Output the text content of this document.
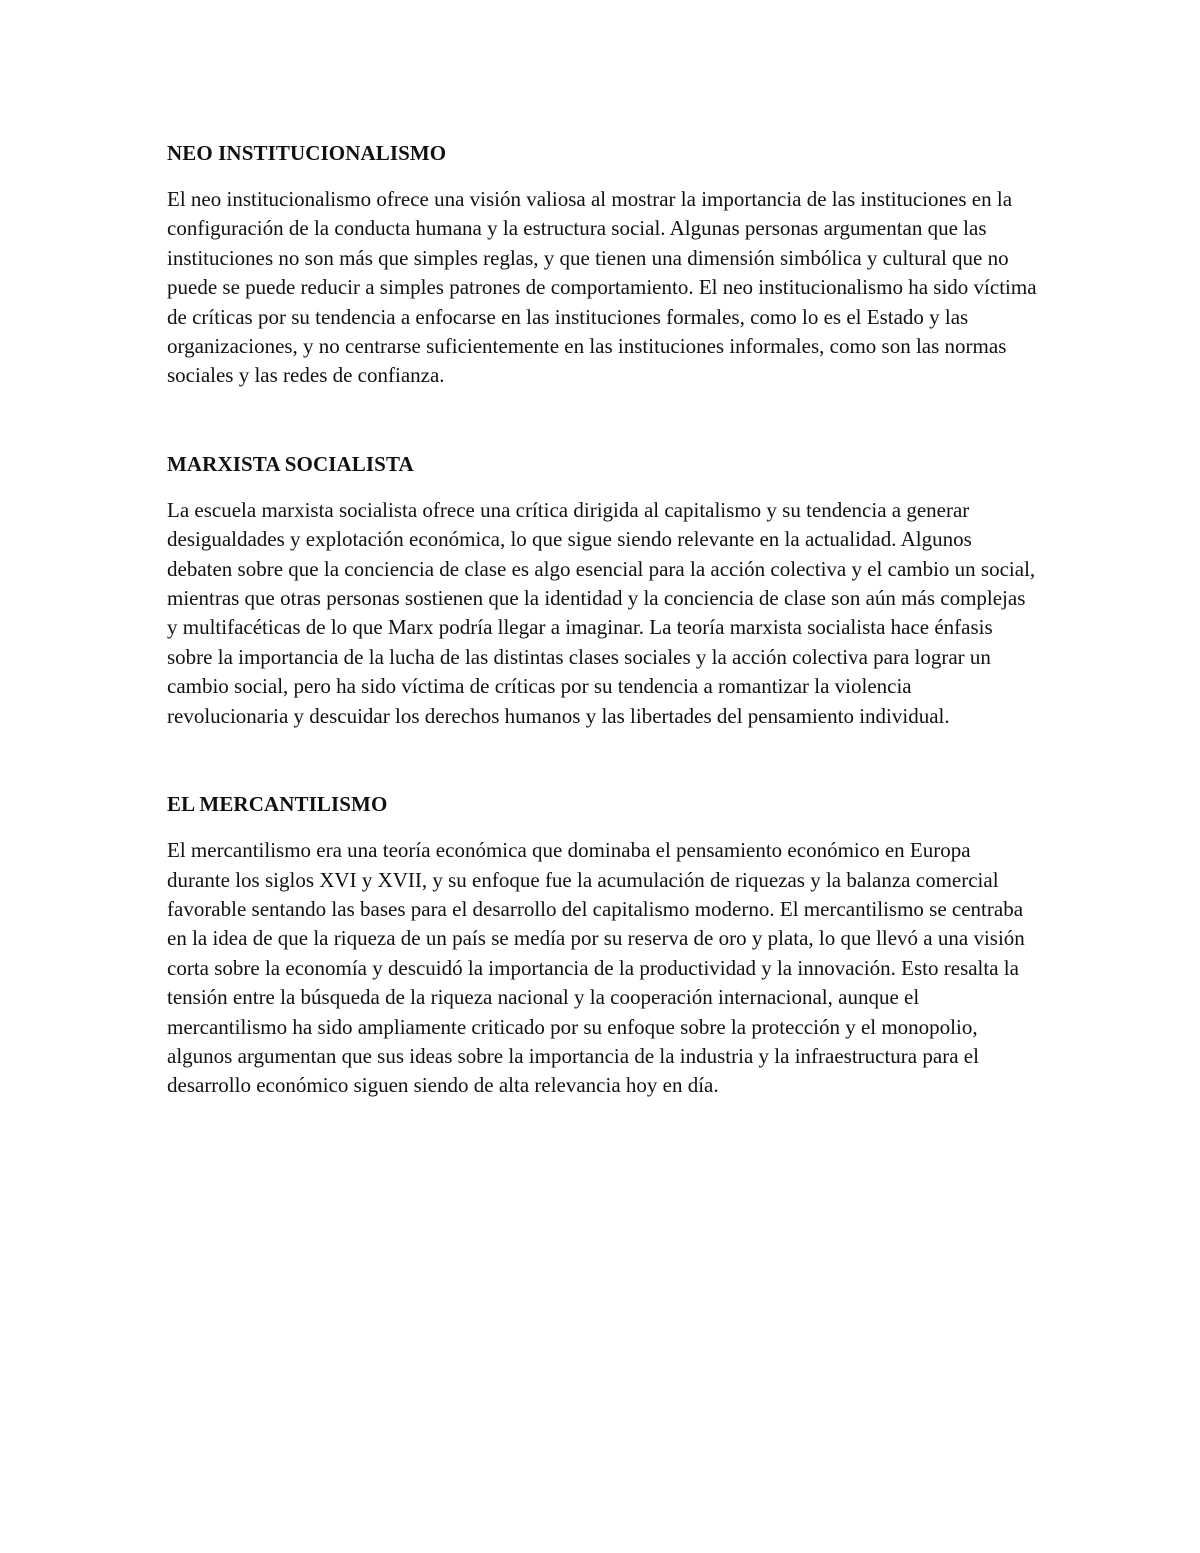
NEO INSTITUCIONALISMO

El neo institucionalismo ofrece una visión valiosa al mostrar la importancia de las instituciones en la configuración de la conducta humana y la estructura social. Algunas personas argumentan que las instituciones no son más que simples reglas, y que tienen una dimensión simbólica y cultural que no puede se puede reducir a simples patrones de comportamiento. El neo institucionalismo ha sido víctima de críticas por su tendencia a enfocarse en las instituciones formales, como lo es el Estado y las organizaciones, y no centrarse suficientemente en las instituciones informales, como son las normas sociales y las redes de confianza.

MARXISTA SOCIALISTA

La escuela marxista socialista ofrece una crítica dirigida al capitalismo y su tendencia a generar desigualdades y explotación económica, lo que sigue siendo relevante en la actualidad. Algunos debaten sobre que la conciencia de clase es algo esencial para la acción colectiva y el cambio un social, mientras que otras personas sostienen que la identidad y la conciencia de clase son aún más complejas y multifacéticas de lo que Marx podría llegar a imaginar. La teoría marxista socialista hace énfasis sobre la importancia de la lucha de las distintas clases sociales y la acción colectiva para lograr un cambio social, pero ha sido víctima de críticas por su tendencia a romantizar la violencia revolucionaria y descuidar los derechos humanos y las libertades del pensamiento individual.

EL MERCANTILISMO

El mercantilismo era una teoría económica que dominaba el pensamiento económico en Europa durante los siglos XVI y XVII, y su enfoque fue la acumulación de riquezas y la balanza comercial favorable sentando las bases para el desarrollo del capitalismo moderno. El mercantilismo se centraba en la idea de que la riqueza de un país se medía por su reserva de oro y plata, lo que llevó a una visión corta sobre la economía y descuidó la importancia de la productividad y la innovación. Esto resalta la tensión entre la búsqueda de la riqueza nacional y la cooperación internacional, aunque el mercantilismo ha sido ampliamente criticado por su enfoque sobre la protección y el monopolio, algunos argumentan que sus ideas sobre la importancia de la industria y la infraestructura para el desarrollo económico siguen siendo de alta relevancia hoy en día.
